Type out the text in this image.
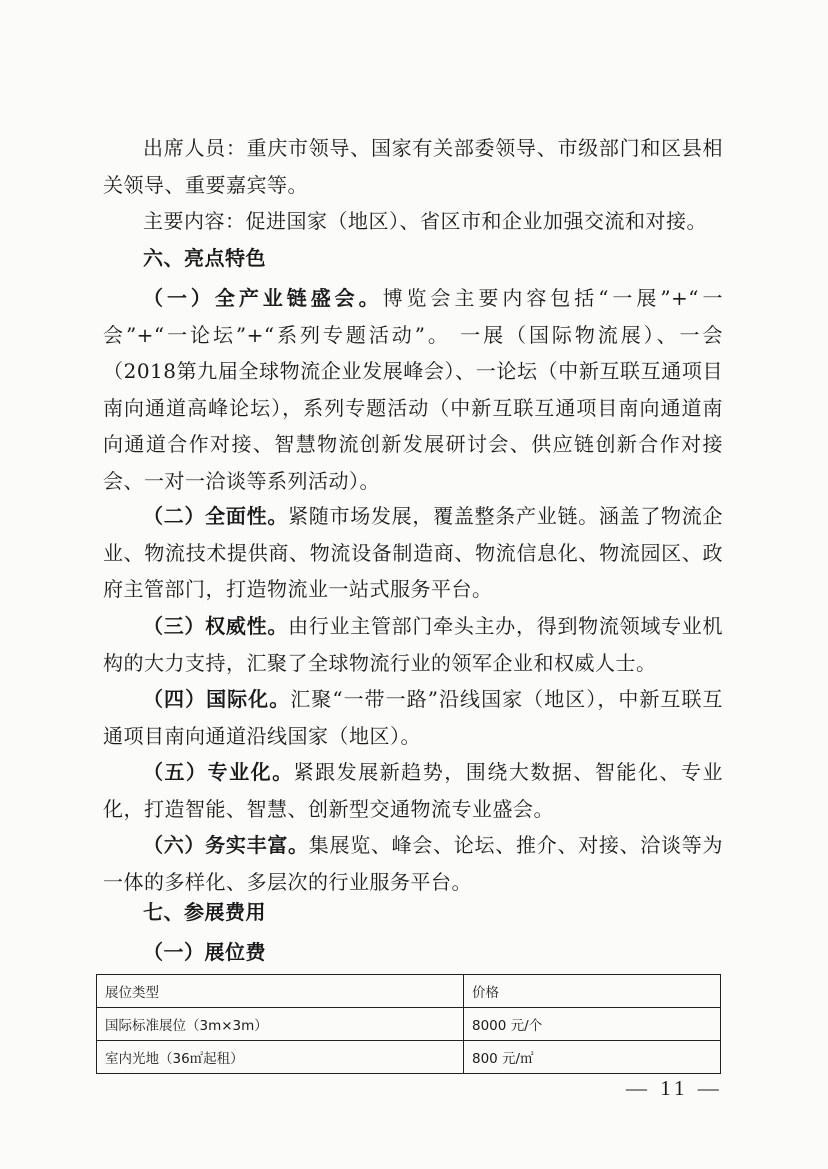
出席人员：重庆市领导、国家有关部委领导、市级部门和区县相关领导、重要嘉宾等。

主要内容：促进国家（地区）、省区市和企业加强交流和对接。

六、亮点特色

（一）全产业链盛会。博览会主要内容包括“一展”+“一会”+“一论坛”+“系列专题活动”。 一展（国际物流展）、一会（2018第九届全球物流企业发展峰会）、一论坛（中新互联互通项目南向通道高峰论坛），系列专题活动（中新互联互通项目南向通道南向通道合作对接、智慧物流创新发展研讨会、供应链创新合作对接会、一对一洽谈等系列活动）。

（二）全面性。紧随市场发展，覆盖整条产业链。涵盖了物流企业、物流技术提供商、物流设备制造商、物流信息化、物流园区、政府主管部门，打造物流业一站式服务平台。

（三）权威性。由行业主管部门牵头主办，得到物流领域专业机构的大力支持，汇聚了全球物流行业的领军企业和权威人士。

（四）国际化。汇聚“一带一路”沿线国家（地区），中新互联互通项目南向通道沿线国家（地区）。

（五）专业化。紧跟发展新趋势，围绕大数据、智能化、专业化，打造智能、智慧、创新型交通物流专业盛会。

（六）务实丰富。集展览、峰会、论坛、推介、对接、洽谈等为一体的多样化、多层次的行业服务平台。

七、参展费用

（一）展位费

展位类型	价格
国际标准展位（3m×3m）	8000 元/个
室内光地（36㎡起租）	800 元/㎡
— 11 —
